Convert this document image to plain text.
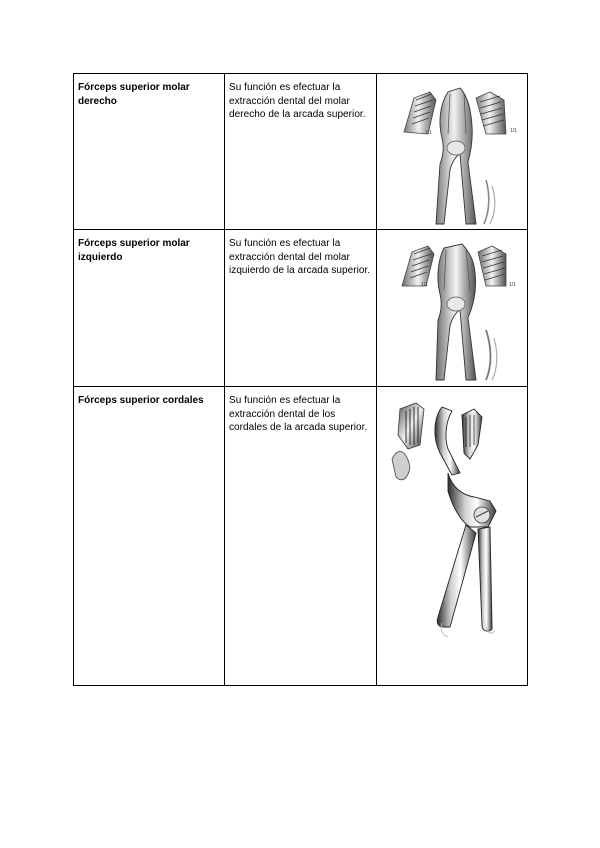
Fórceps superior molar derecho	Su función es efectuar la extracción dental del molar derecho de la arcada superior.	1/1 1/1

Fórceps superior molar izquierdo	Su función es efectuar la extracción dental del molar izquierdo de la arcada superior.	1/1 1/1

Fórceps superior cordales	Su función es efectuar la extracción dental de los cordales de la arcada superior.
